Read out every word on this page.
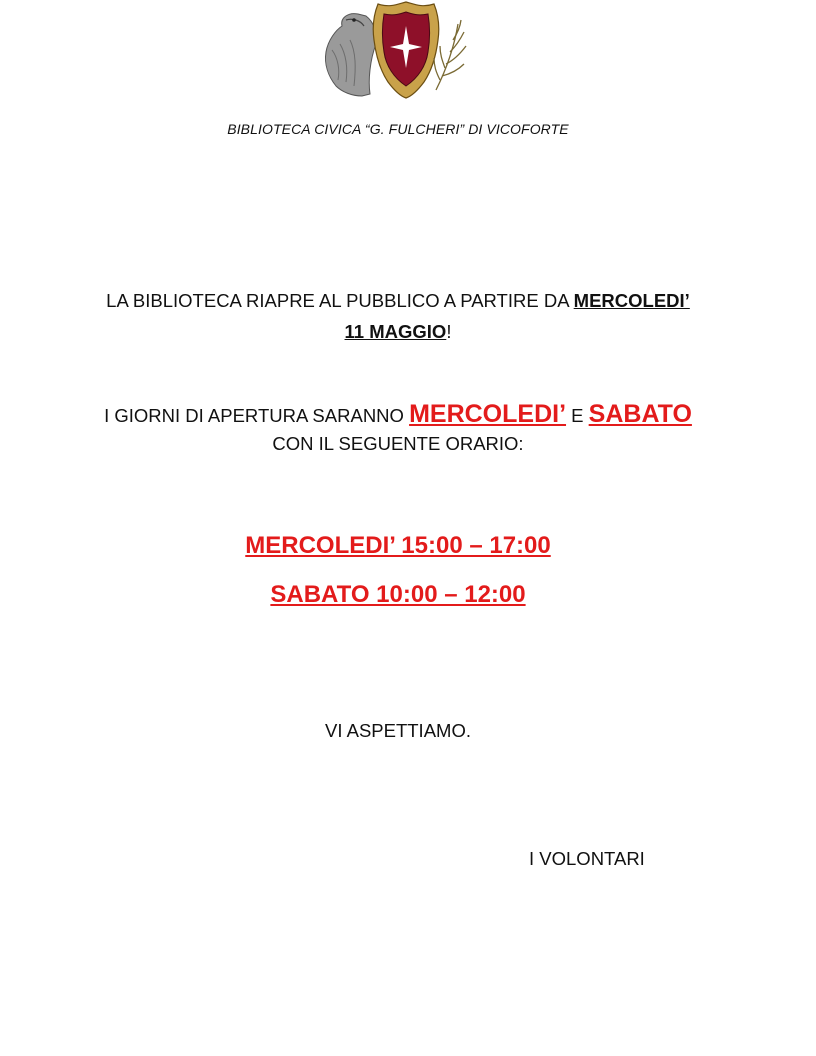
BIBLIOTECA CIVICA “G. FULCHERI” DI VICOFORTE
LA BIBLIOTECA RIAPRE AL PUBBLICO A PARTIRE DA MERCOLEDI’
11 MAGGIO!
I GIORNI DI APERTURA SARANNO MERCOLEDI’ E SABATO
CON IL SEGUENTE ORARIO:
MERCOLEDI’ 15:00 – 17:00
SABATO 10:00 – 12:00
VI ASPETTIAMO.
I VOLONTARI
